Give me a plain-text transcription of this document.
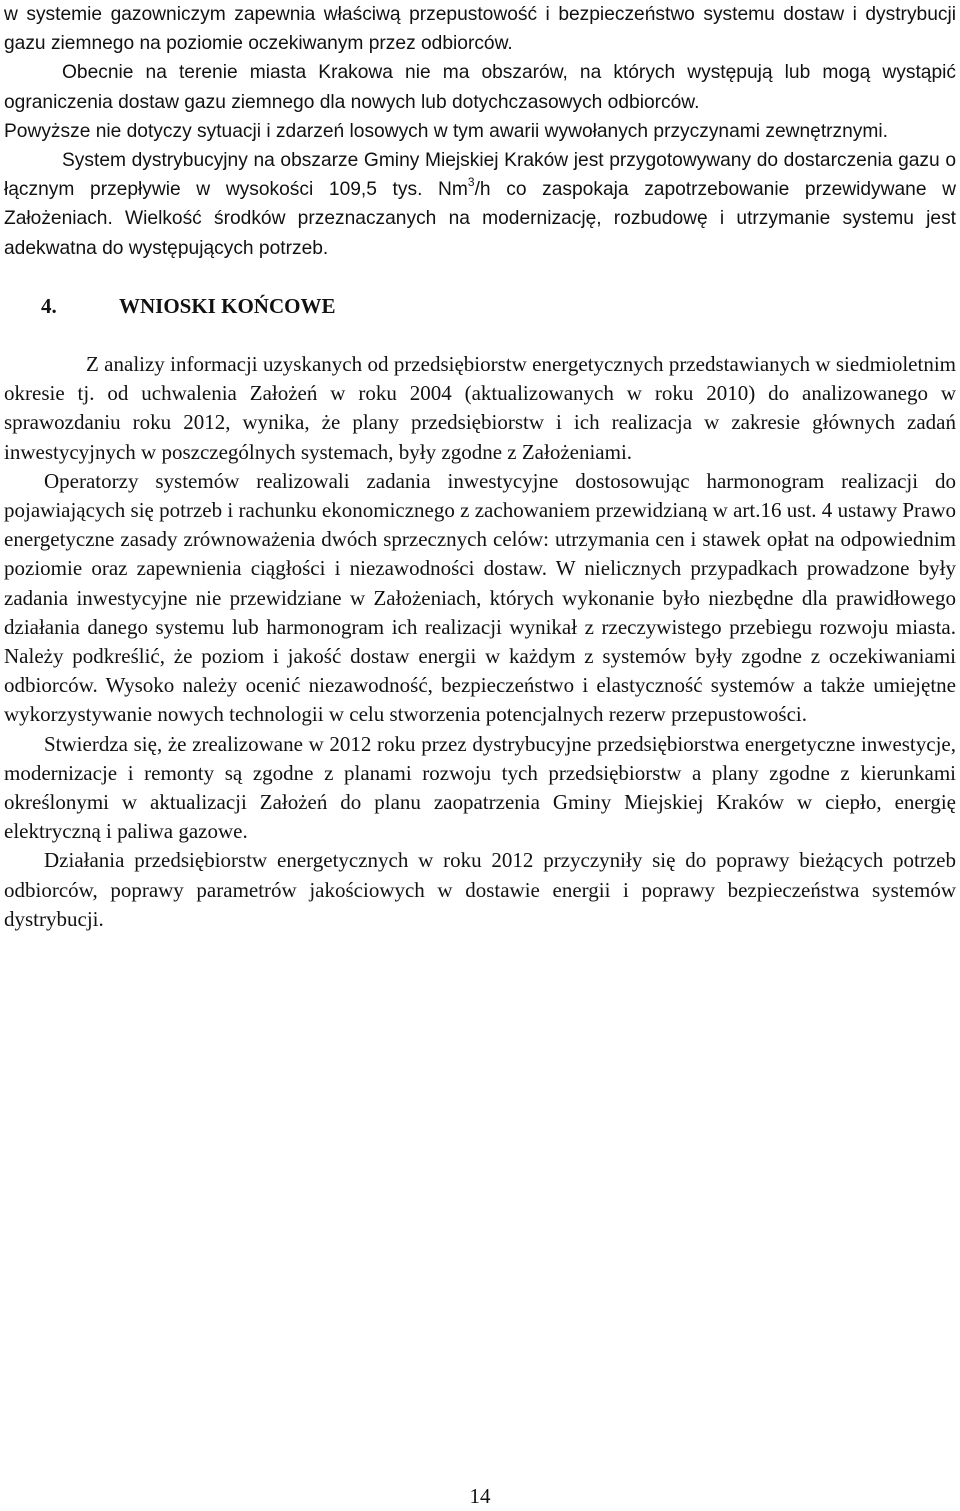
w systemie gazowniczym zapewnia właściwą przepustowość i bezpieczeństwo systemu dostaw i dystrybucji gazu ziemnego na poziomie oczekiwanym przez odbiorców.

Obecnie na terenie miasta Krakowa nie ma obszarów, na których występują lub mogą wystąpić ograniczenia dostaw gazu ziemnego dla nowych lub dotychczasowych odbiorców.

Powyższe nie dotyczy sytuacji i zdarzeń losowych w tym awarii wywołanych przyczynami zewnętrznymi.

System dystrybucyjny na obszarze Gminy Miejskiej Kraków jest przygotowywany do dostarczenia gazu o łącznym przepływie w wysokości 109,5 tys. Nm$^3$/h co zaspokaja zapotrzebowanie przewidywane w Założeniach. Wielkość środków przeznaczanych na modernizację, rozbudowę i utrzymanie systemu jest adekwatna do występujących potrzeb.

4.	WNIOSKI KOŃCOWE

Z analizy informacji uzyskanych od przedsiębiorstw energetycznych przedstawianych w siedmioletnim okresie tj. od uchwalenia Założeń w roku 2004 (aktualizowanych w roku 2010) do analizowanego w sprawozdaniu roku 2012, wynika, że plany przedsiębiorstw i ich realizacja w zakresie głównych zadań inwestycyjnych w poszczególnych systemach, były zgodne z Założeniami.

Operatorzy systemów realizowali zadania inwestycyjne dostosowując harmonogram realizacji do pojawiających się potrzeb i rachunku ekonomicznego z zachowaniem przewidzianą w art.16 ust. 4 ustawy Prawo energetyczne zasady zrównoważenia dwóch sprzecznych celów: utrzymania cen i stawek opłat na odpowiednim poziomie oraz zapewnienia ciągłości i niezawodności dostaw. W nielicznych przypadkach prowadzone były zadania inwestycyjne nie przewidziane w Założeniach, których wykonanie było niezbędne dla prawidłowego działania danego systemu lub harmonogram ich realizacji wynikał z rzeczywistego przebiegu rozwoju miasta. Należy podkreślić, że poziom i jakość dostaw energii w każdym z systemów były zgodne z oczekiwaniami odbiorców. Wysoko należy ocenić niezawodność, bezpieczeństwo i elastyczność systemów a także umiejętne wykorzystywanie nowych technologii w celu stworzenia potencjalnych rezerw przepustowości.

Stwierdza się, że zrealizowane w 2012 roku przez dystrybucyjne przedsiębiorstwa energetyczne inwestycje, modernizacje i remonty są zgodne z planami rozwoju tych przedsiębiorstw a plany zgodne z kierunkami określonymi w aktualizacji Założeń do planu zaopatrzenia Gminy Miejskiej Kraków w ciepło, energię elektryczną i paliwa gazowe.

Działania przedsiębiorstw energetycznych w roku 2012 przyczyniły się do poprawy bieżących potrzeb odbiorców, poprawy parametrów jakościowych w dostawie energii i poprawy bezpieczeństwa systemów dystrybucji.

14
